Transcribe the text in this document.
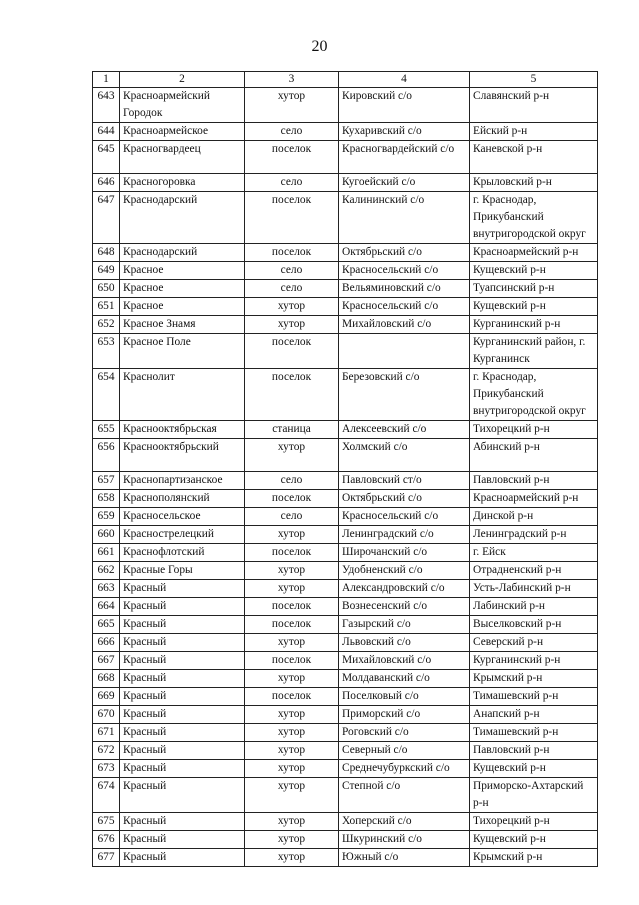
20
1	2	3	4	5
643	Красноармейский Городок	хутор	Кировский с/о	Славянский р-н
644	Красноармейское	село	Кухаривский с/о	Ейский р-н
645	Красногвардеец	поселок	Красногвардейский с/о	Каневской р-н
646	Красногоровка	село	Кугоейский с/о	Крыловский р-н
647	Краснодарский	поселок	Калининский с/о	г. Краснодар, Прикубанский внутригородской округ
648	Краснодарский	поселок	Октябрьский с/о	Красноармейский р-н
649	Красное	село	Красносельский с/о	Кущевский р-н
650	Красное	село	Вельяминовский с/о	Туапсинский р-н
651	Красное	хутор	Красносельский с/о	Кущевский р-н
652	Красное Знамя	хутор	Михайловский с/о	Курганинский р-н
653	Красное Поле	поселок		Курганинский район, г. Курганинск
654	Краснолит	поселок	Березовский с/о	г. Краснодар, Прикубанский внутригородской округ
655	Краснооктябрьская	станица	Алексеевский с/о	Тихорецкий р-н
656	Краснооктябрьский	хутор	Холмский с/о	Абинский р-н
657	Краснопартизанское	село	Павловский ст/о	Павловский р-н
658	Краснополянский	поселок	Октябрьский с/о	Красноармейский р-н
659	Красносельское	село	Красносельский с/о	Динской р-н
660	Краснострелецкий	хутор	Ленинградский с/о	Ленинградский р-н
661	Краснофлотский	поселок	Широчанский с/о	г. Ейск
662	Красные Горы	хутор	Удобненский с/о	Отрадненский р-н
663	Красный	хутор	Александровский с/о	Усть-Лабинский р-н
664	Красный	поселок	Вознесенский с/о	Лабинский р-н
665	Красный	поселок	Газырский с/о	Выселковский р-н
666	Красный	хутор	Львовский с/о	Северский р-н
667	Красный	поселок	Михайловский с/о	Курганинский р-н
668	Красный	хутор	Молдаванский с/о	Крымский р-н
669	Красный	поселок	Поселковый с/о	Тимашевский р-н
670	Красный	хутор	Приморский с/о	Анапский р-н
671	Красный	хутор	Роговский с/о	Тимашевский р-н
672	Красный	хутор	Северный с/о	Павловский р-н
673	Красный	хутор	Среднечубуркский с/о	Кущевский р-н
674	Красный	хутор	Степной с/о	Приморско-Ахтарский р-н
675	Красный	хутор	Хоперский с/о	Тихорецкий р-н
676	Красный	хутор	Шкуринский с/о	Кущевский р-н
677	Красный	хутор	Южный с/о	Крымский р-н
